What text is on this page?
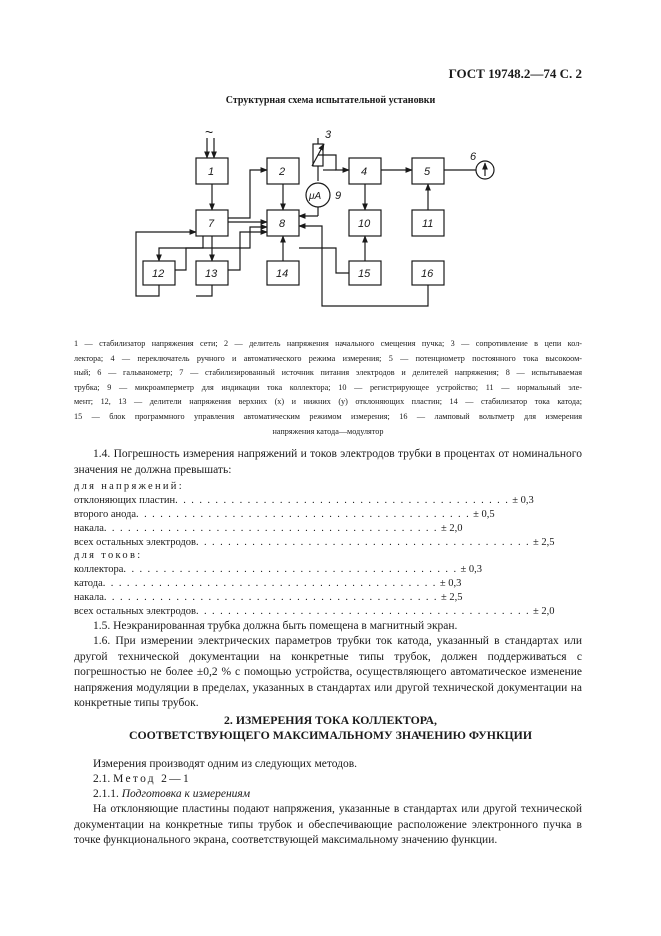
ГОСТ 19748.2—74 С. 2
Структурная схема испытательной установки
1	2	4	5
7	8	10	11
12	13	14	15	16
3
6
9
μA
~
1 — стабилизатор напряжения сети; 2 — делитель напряжения начального смещения пучка; 3 — сопротивление в цепи кол-
лектора; 4 — переключатель ручного и автоматического режима измерения; 5 — потенциометр постоянного тока высокоом-
ный; 6 — гальванометр; 7 — стабилизированный источник питания электродов и делителей напряжения; 8 — испытываемая
трубка; 9 — микроамперметр для индикации тока коллектора; 10 — регистрирующее устройство; 11 — нормальный эле-
мент; 12, 13 — делители напряжения верхних (x) и нижних (y) отклоняющих пластин; 14 — стабилизатор тока катода;
15 — блок программного управления автоматическим режимом измерения; 16 — ламповый вольтметр для измерения
напряжения катода—модулятор
1.4. Погрешность измерения напряжений и токов электродов трубки в процентах от номинального значения не должна превышать:
для напряжений:
отклоняющих пластин . . . . . . . . . . . . . . . . . . . . . . . . . . . . . . . . . . . . . . . . . . ± 0,3
второго анода . . . . . . . . . . . . . . . . . . . . . . . . . . . . . . . . . . . . . . . . . . ± 0,5
накала . . . . . . . . . . . . . . . . . . . . . . . . . . . . . . . . . . . . . . . . . . ± 2,0
всех остальных электродов . . . . . . . . . . . . . . . . . . . . . . . . . . . . . . . . . . . . . . . . . . ± 2,5
для токов:
коллектора . . . . . . . . . . . . . . . . . . . . . . . . . . . . . . . . . . . . . . . . . . ± 0,3
катода . . . . . . . . . . . . . . . . . . . . . . . . . . . . . . . . . . . . . . . . . . ± 0,3
накала . . . . . . . . . . . . . . . . . . . . . . . . . . . . . . . . . . . . . . . . . . ± 2,5
всех остальных электродов . . . . . . . . . . . . . . . . . . . . . . . . . . . . . . . . . . . . . . . . . . ± 2,0
1.5. Неэкранированная трубка должна быть помещена в магнитный экран.
1.6. При измерении электрических параметров трубки ток катода, указанный в стандартах или другой технической документации на конкретные типы трубок, должен поддерживаться с погрешностью не более ±0,2 % с помощью устройства, осуществляющего автоматическое изменение напряжения модуляции в пределах, указанных в стандартах или другой технической документации на конкретные типы трубок.
2. ИЗМЕРЕНИЯ ТОКА КОЛЛЕКТОРА,
СООТВЕТСТВУЮЩЕГО МАКСИМАЛЬНОМУ ЗНАЧЕНИЮ ФУНКЦИИ
Измерения производят одним из следующих методов.
2.1. Метод 2—1
2.1.1. Подготовка к измерениям
На отклоняющие пластины подают напряжения, указанные в стандартах или другой технической документации на конкретные типы трубок и обеспечивающие расположение электронного пучка в точке функционального экрана, соответствующей максимальному значению функции.
